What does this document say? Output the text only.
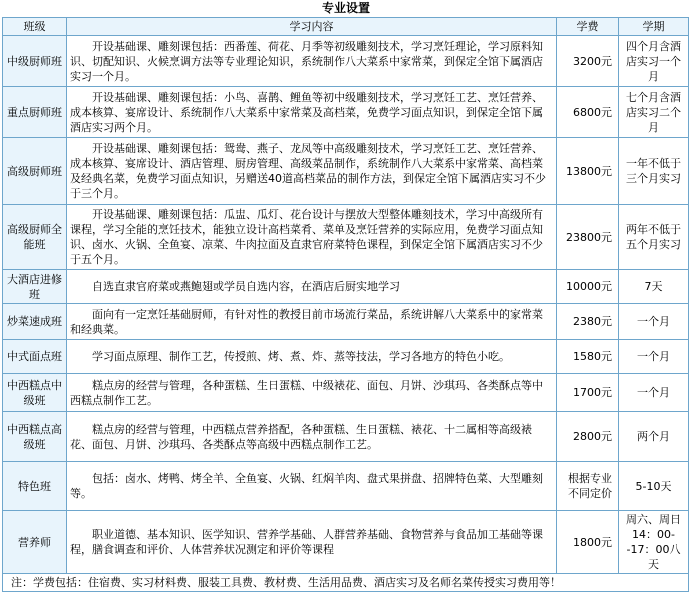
专业设置
班级	学习内容	学费	学期
中级厨师班	开设基础课、雕刻课包括：西番莲、荷花、月季等初级雕刻技术，学习烹饪理论，学习原料知识、切配知识、火候烹调方法等专业理论知识，系统制作八大菜系中家常菜，到保定全馆下属酒店实习一个月。	3200元	四个月含酒店实习一个月
重点厨师班	开设基础课、雕刻课包括：小鸟、喜鹊、鲤鱼等初中级雕刻技术，学习烹饪工艺、烹饪营养、成本核算、宴席设计、系统制作八大菜系中家常菜及高档菜，免费学习面点知识，到保定全馆下属酒店实习两个月。	6800元	七个月含酒店实习二个月
高级厨师班	开设基础课、雕刻课包括：鸳鸯、燕子、龙凤等中高级雕刻技术，学习烹饪工艺、烹饪营养、成本核算、宴席设计、酒店管理、厨房管理、高级菜品制作，系统制作八大菜系中家常菜、高档菜及经典名菜，免费学习面点知识，另赠送40道高档菜品的制作方法，到保定全馆下属酒店实习不少于三个月。	13800元	一年不低于三个月实习
高级厨师全能班	开设基础课、雕刻课包括：瓜盅、瓜灯、花台设计与摆放大型整体雕刻技术，学习中高级所有课程，学习全能的烹饪技术，能独立设计高档菜肴、菜单及烹饪营养的实际应用，免费学习面点知识、卤水、火锅、全鱼宴、凉菜、牛肉拉面及直隶官府菜特色课程，到保定全馆下属酒店实习不少于五个月。	23800元	两年不低于五个月实习
大酒店进修班	自选直隶官府菜或燕鲍翅或学员自选内容，在酒店后厨实地学习	10000元	7天
炒菜速成班	面向有一定烹饪基础厨师，有针对性的教授目前市场流行菜品，系统讲解八大菜系中的家常菜和经典菜。	2380元	一个月
中式面点班	学习面点原理、制作工艺，传授煎、烤、煮、炸、蒸等技法，学习各地方的特色小吃。	1580元	一个月
中西糕点中级班	糕点房的经营与管理，各种蛋糕、生日蛋糕、中级裱花、面包、月饼、沙琪玛、各类酥点等中西糕点制作工艺。	1700元	一个月
中西糕点高级班	糕点房的经营与管理，中西糕点营养搭配，各种蛋糕、生日蛋糕、裱花、十二属相等高级裱花、面包、月饼、沙琪玛、各类酥点等高级中西糕点制作工艺。	2800元	两个月
特色班	包括：卤水、烤鸭、烤全羊、全鱼宴、火锅、红焖羊肉、盘式果拼盘、招牌特色菜、大型雕刻等。	根据专业不同定价	5-10天
营养师	职业道德、基本知识、医学知识、营养学基础、人群营养基础、食物营养与食品加工基础等课程，膳食调查和评价、人体营养状况测定和评价等课程	1800元	周六、周日14：00--17：00八天
注：学费包括：住宿费、实习材料费、服装工具费、教材费、生活用品费、酒店实习及名师名菜传授实习费用等！			
